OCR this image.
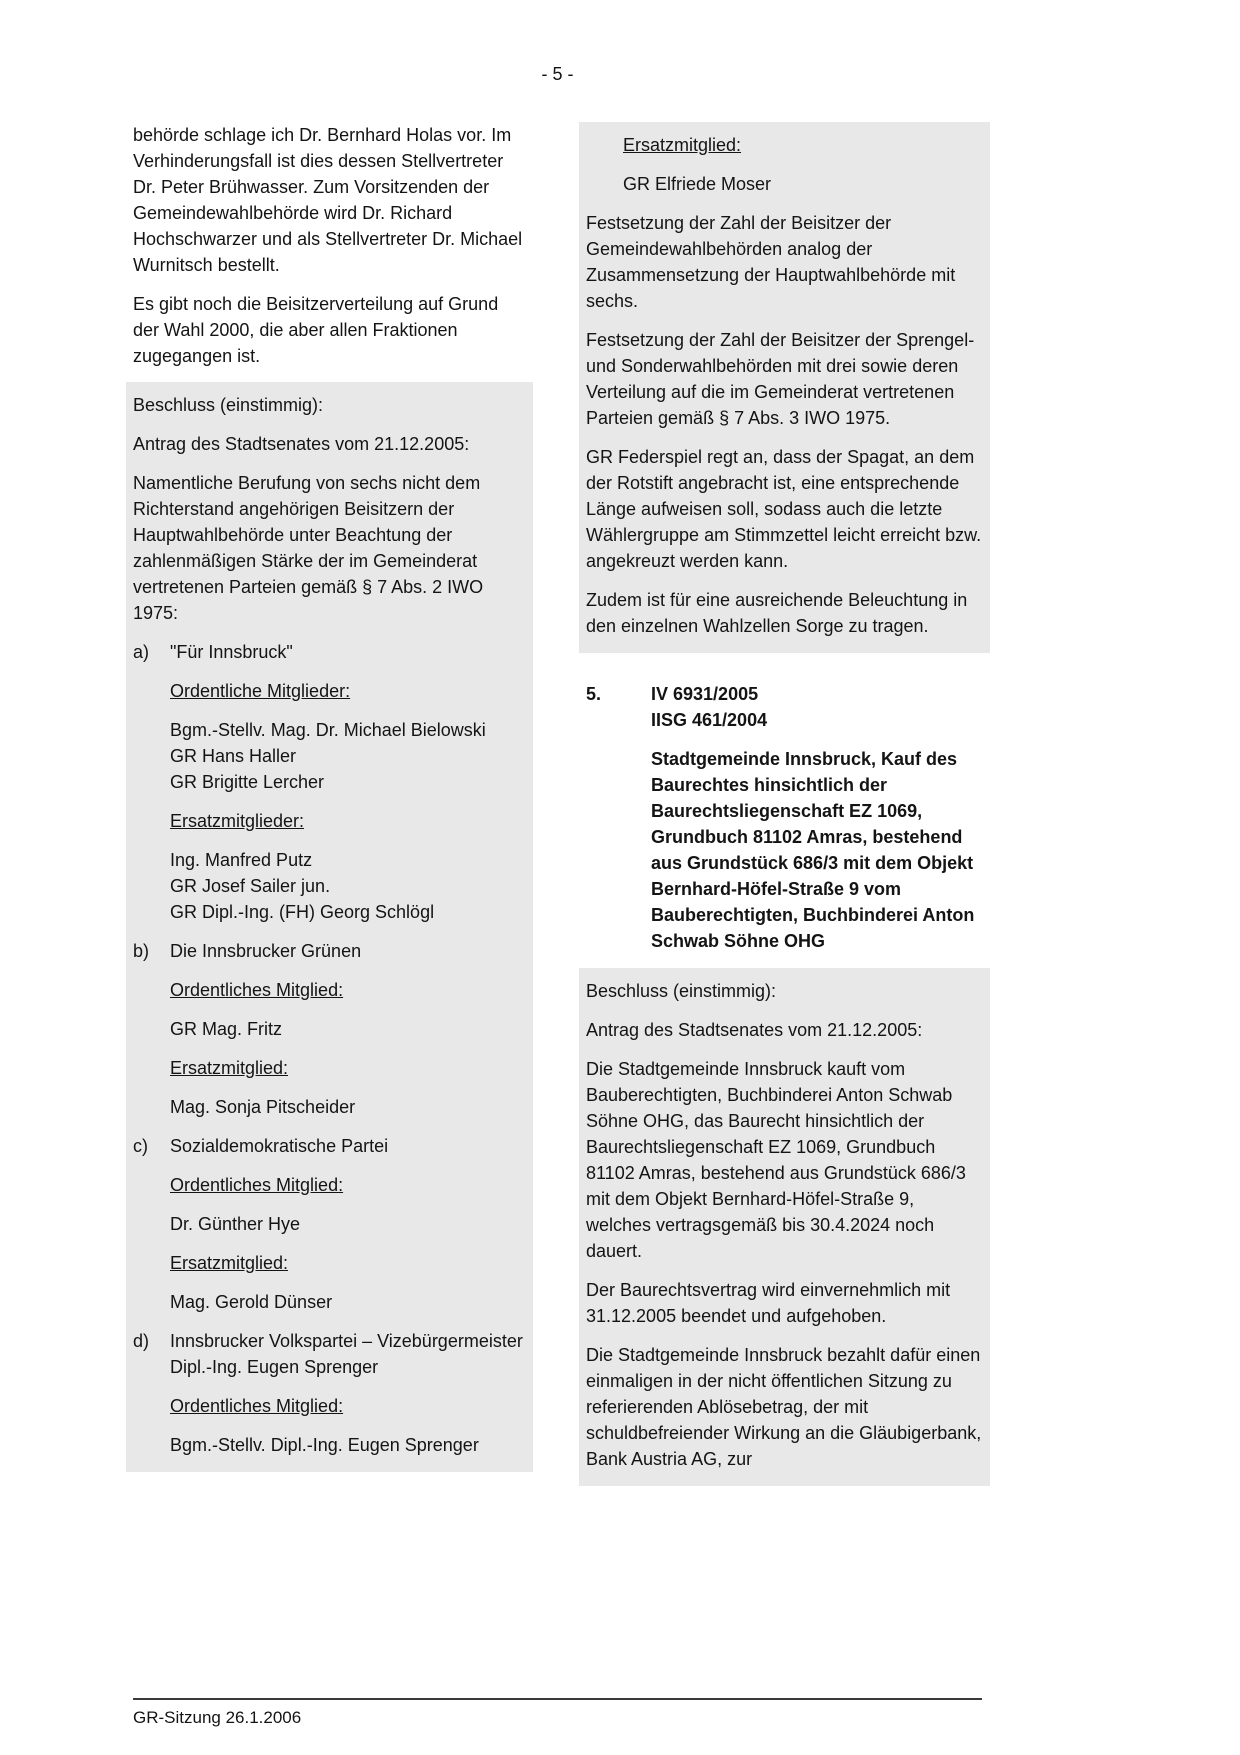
- 5 -

behörde schlage ich Dr. Bernhard Holas vor. Im Verhinderungsfall ist dies dessen Stellvertreter Dr. Peter Brühwasser. Zum Vorsitzenden der Gemeindewahlbehörde wird Dr. Richard Hochschwarzer und als Stellvertreter Dr. Michael Wurnitsch bestellt.

Es gibt noch die Beisitzerverteilung auf Grund der Wahl 2000, die aber allen Fraktionen zugegangen ist.

Beschluss (einstimmig):

Antrag des Stadtsenates vom 21.12.2005:

Namentliche Berufung von sechs nicht dem Richterstand angehörigen Beisitzern der Hauptwahlbehörde unter Beachtung der zahlenmäßigen Stärke der im Gemeinderat vertretenen Parteien gemäß § 7 Abs. 2 IWO 1975:

a)	"Für Innsbruck"

Ordentliche Mitglieder:

Bgm.-Stellv. Mag. Dr. Michael Bielowski
GR Hans Haller
GR Brigitte Lercher

Ersatzmitglieder:

Ing. Manfred Putz
GR Josef Sailer jun.
GR Dipl.-Ing. (FH) Georg Schlögl
b)	Die Innsbrucker Grünen

Ordentliches Mitglied:

GR Mag. Fritz

Ersatzmitglied:

Mag. Sonja Pitscheider
c)	Sozialdemokratische Partei

Ordentliches Mitglied:

Dr. Günther Hye

Ersatzmitglied:

Mag. Gerold Dünser
d)	Innsbrucker Volkspartei – Vizebürgermeister Dipl.-Ing. Eugen Sprenger

Ordentliches Mitglied:

Bgm.-Stellv. Dipl.-Ing. Eugen Sprenger

Ersatzmitglied:

GR Elfriede Moser

Festsetzung der Zahl der Beisitzer der Gemeindewahlbehörden analog der Zusammensetzung der Hauptwahlbehörde mit sechs.

Festsetzung der Zahl der Beisitzer der Sprengel- und Sonderwahlbehörden mit drei sowie deren Verteilung auf die im Gemeinderat vertretenen Parteien gemäß § 7 Abs. 3 IWO 1975.

GR Federspiel regt an, dass der Spagat, an dem der Rotstift angebracht ist, eine entsprechende Länge aufweisen soll, sodass auch die letzte Wählergruppe am Stimmzettel leicht erreicht bzw. angekreuzt werden kann.

Zudem ist für eine ausreichende Beleuchtung in den einzelnen Wahlzellen Sorge zu tragen.

5.	IV 6931/2005
IISG 461/2004

Stadtgemeinde Innsbruck, Kauf des Baurechtes hinsichtlich der Baurechtsliegenschaft EZ 1069, Grundbuch 81102 Amras, bestehend aus Grundstück 686/3 mit dem Objekt Bernhard-Höfel-Straße 9 vom Bauberechtigten, Buchbinderei Anton Schwab Söhne OHG

Beschluss (einstimmig):

Antrag des Stadtsenates vom 21.12.2005:

Die Stadtgemeinde Innsbruck kauft vom Bauberechtigten, Buchbinderei Anton Schwab Söhne OHG, das Baurecht hinsichtlich der Baurechtsliegenschaft EZ 1069, Grundbuch 81102 Amras, bestehend aus Grundstück 686/3 mit dem Objekt Bernhard-Höfel-Straße 9, welches vertragsgemäß bis 30.4.2024 noch dauert.

Der Baurechtsvertrag wird einvernehmlich mit 31.12.2005 beendet und aufgehoben.

Die Stadtgemeinde Innsbruck bezahlt dafür einen einmaligen in der nicht öffentlichen Sitzung zu referierenden Ablösebetrag, der mit schuldbefreiender Wirkung an die Gläubigerbank, Bank Austria AG, zur

GR-Sitzung 26.1.2006
